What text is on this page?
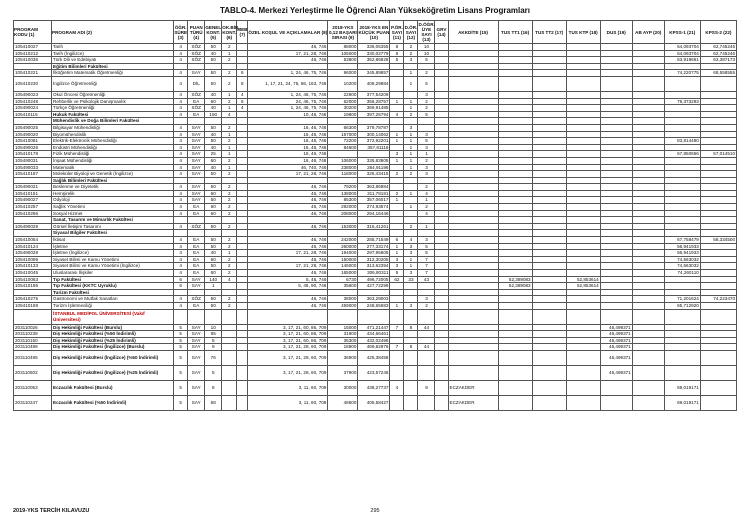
TABLO-4. Merkezi Yerleştirme İle Öğrenci Alan Yükseköğretim Lisans Programları
PROGRAM KODU (1)	PROGRAM ADI (2)	ÖĞR. SÜRE (3)	PUAN TÜRÜ (4)	GENEL KONT. (5)	OK.BİR. KONT. (6)	MEB (7)	ÖZEL KOŞUL VE AÇIKLAMALAR (8)	2018-YKS 0,12 BAŞARI SIRASI (9)	2018-YKS EN KÜÇÜK PUAN (10)	P.ÖR. SAYI (11)	D.ÖR. SAYI (12)	D.ÖĞR. ÜYE SAYI (13)	GRV (14)	AKKDİTE (15)	TUS TT1 (16)	TUS TT2 (17)	TUS KTP (18)	DUS (19)	AB AYP (20)	KPSS-1 (21)	KPSS-2 (22)
105410027	Tarih	4	SÖZ	50	2		46, 746	88000	336,05355	8	2	10								64,093704	62,745246
105410212	Tarih (İngilizce)	4	SÖZ	40	1		17, 21, 28, 746	105000	330,02779	8	2	10								64,093704	62,745246
105410036	Türk Dili ve Edebiyatı	4	SÖZ	50	2		46, 746	53800	352,86828	5	3	5								63,919661	63,387173
	Eğitim Bilimleri Fakültesi																				
105410221	İlköğretim Matematik Öğretmenliği	4	SAY	50	2	6	1, 24, 46, 75, 746	96000	345,89857		1	2								74,220775	68,558555
105410230	İngilizce Öğretmenliği	4	DİL	50	2	8	1, 17, 21, 24, 75, 86, 163, 746	10200	408,29884		1	5									
105490023	Okul Öncesi Öğretmenliği	4	SÖZ	40	1	4	1, 24, 46, 75, 746	22900	377,54209			3									
105410248	Rehberlik ve Psikolojik Danışmanlık	4	EA	60	2	6	24, 46, 75, 746	62000	356,28757	1	1	2								79,373293	
105490024	Türkçe Öğretmenliği	4	SÖZ	40	1	4	1, 24, 46, 75, 746	30200	369,91485		1	2									
105410115	Hukuk Fakültesi	4	EA	150	4		10, 46, 746	19800	397,25794	4	2	5									
	Mühendislik ve Doğa Bilimleri Fakültesi																				
105490025	Bilgisayar Mühendisliği	4	SAY	50	2		16, 46, 746	66300	379,78787		3										
105490020	Biyomühendislik	4	SAY	40	1		16, 46, 746	157000	300,14062	1	1	3									
105410081	Elektrik-Elektronik Mühendisliği	4	SAY	50	2		16, 46, 746	72200	372,92201	1	1	5								83,814480	
105490026	Endüstri Mühendisliği	4	SAY	40	1		16, 46, 746	84600	357,81116		1	3									
105410178	Fizik Mühendisliği	4	SAY	25	1		16, 46, 746			3	1	1								67,850656	57,014510
105490031	İnşaat Mühendisliği	4	SAY	60	2		16, 46, 746	106000	335,83805	1	1	2									
105490033	Matematik	4	SAY	40	1		46, 740, 746	238000	264,91196		1	3									
105410187	Moleküler Biyoloji ve Genetik (İngilizce)	4	SAY	50	2		17, 21, 28, 746	118000	326,43415	2	2	3									
	Sağlık Bilimleri Fakültesi																				
105490021	Beslenme ve Diyetetik	4	SAY	50	2		46, 746	79200	363,86984			2									
105410151	Hemşirelik	4	SAY	60	2		46, 746	138000	311,78181	2	1	4									
105490027	Odyoloji	4	SAY	50	2		46, 746	85300	357,06017	1		1									
105410257	Sağlık Yönetimi	4	EA	60	2		46, 746	292000	274,93574		1	2									
105410266	Sosyal Hizmet	4	EA	60	2		46, 746	208000	294,16446			4									
	Sanat, Tasarım ve Mimarlık Fakültesi																				
105490029	Görsel İletişim Tasarımı	4	SÖZ	50	2		46, 746	153000	315,41261		2	1									
	Siyasal Bilgiler Fakültesi																				
105410054	İktisat	4	EA	50	2		46, 746	242000	285,71549	6	4	3								67,758479	58,334500
105410124	İşletme	4	EA	50	2		46, 746	260000	277,33174	1	3	5								56,941933	
105490028	İşletme (İngilizce)	4	EA	40	1		17, 21, 28, 746	194000	297,95605	1	3	5								56,941933	
105410099	Siyaset Bilimi ve Kamu Yönetimi	4	EA	60	2		46, 746	150000	312,30205	3	1	7								74,563032	
105410133	Siyaset Bilimi ve Kamu Yönetimi (İngilizce)	4	EA	50	2		17, 21, 28, 746	146000	313,62394	3	1	7								74,563032	
105410045	Uluslararası İlişkiler	4	EA	60	2		46, 746	165000	306,80311	5	3	7								74,260110	
105410063	Tıp Fakültesi	6	SAY	140	4		5, 46, 746	6730	496,72005	62	33	43			52,389083		52,853614				
105410196	Tıp Fakültesi (KKTC Uyruklu)	6	SAY	1			5, 46, 90, 746	35600	427,72299						52,389083		52,853614				
	Turizm Fakültesi																				
105410275	Gastronomi ve Mutfak Sanatları	4	SÖZ	50	2		46, 746	38000	363,29003			3								71,201624	74,223470
105410169	Turizm İşletmeciliği	4	EA	50	2		46, 746	459000	248,65683	1	3	2								65,712920	
	İSTANBUL MEDİPOL ÜNİVERSİTESİ (Vakıf Üniversitesi)																				
203110026	Diş Hekimliği Fakültesi (Burslu)	5	SAY	10			3, 17, 21, 60, 86, 709	15000	471,21447	7	8	44						46,499371			
203110238	Diş Hekimliği Fakültesi (%50 İndirimli)	5	SAY	85			3, 17, 21, 60, 86, 709	31900	434,66461									46,499371			
203110150	Diş Hekimliği Fakültesi (%25 İndirimli)	5	SAY	5			3, 17, 21, 60, 86, 709	35300	432,02496									46,499371			
203110488	Diş Hekimliği Fakültesi (İngilizce) (Burslu)	5	SAY	9			3, 17, 21, 28, 60, 709	16800	469,82976	7	8	44						46,499371			
203110495	Diş Hekimliği Fakültesi (İngilizce) (%50 İndirimli)	5	SAY	76			3, 17, 21, 28, 60, 709	36900	425,38458									46,499371			
203110502	Diş Hekimliği Fakültesi (İngilizce) (%25 İndirimli)	5	SAY	5			3, 17, 21, 28, 60, 709	37900	423,57246									46,499371			
203110053	Eczacılık Fakültesi (Burslu)	5	SAY	8			3, 11, 60, 709	30000	438,27737	4		9		ECZAKDER						69,019171	
203110247	Eczacılık Fakültesi (%50 İndirimli)	5	SAY	68			3, 11, 60, 709	48600	405,58427					ECZAKDER						69,019171	
2019-YKS TERCİH KILAVUZU	295
